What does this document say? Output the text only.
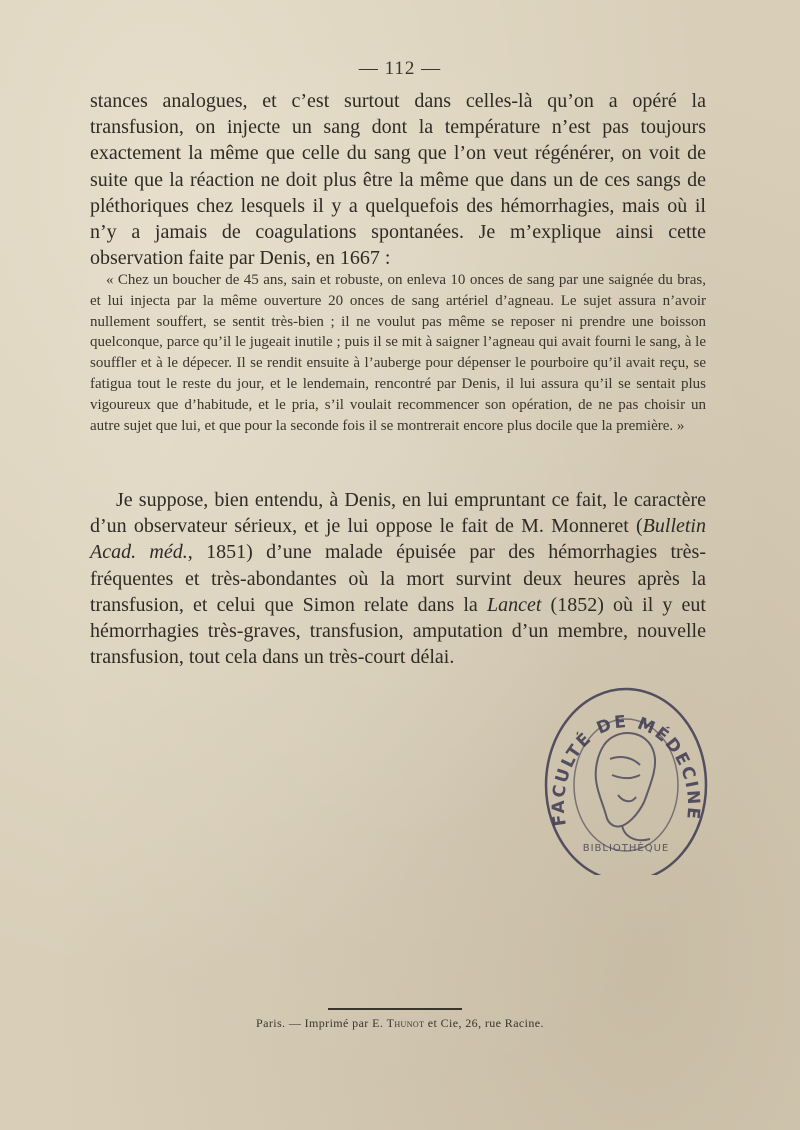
— 112 —

stances analogues, et c’est surtout dans celles-là qu’on a opéré la transfusion, on injecte un sang dont la température n’est pas toujours exactement la même que celle du sang que l’on veut régénérer, on voit de suite que la réaction ne doit plus être la même que dans un de ces sangs de pléthoriques chez lesquels il y a quelquefois des hémorrhagies, mais où il n’y a jamais de coagulations spontanées. Je m’explique ainsi cette observation faite par Denis, en 1667 :

« Chez un boucher de 45 ans, sain et robuste, on enleva 10 onces de sang par une saignée du bras, et lui injecta par la même ouverture 20 onces de sang artériel d’agneau. Le sujet assura n’avoir nullement souffert, se sentit très-bien ; il ne voulut pas même se reposer ni prendre une boisson quelconque, parce qu’il le jugeait inutile ; puis il se mit à saigner l’agneau qui avait fourni le sang, à le souffler et à le dépecer. Il se rendit ensuite à l’auberge pour dépenser le pourboire qu’il avait reçu, se fatigua tout le reste du jour, et le lendemain, rencontré par Denis, il lui assura qu’il se sentait plus vigoureux que d’habitude, et le pria, s’il voulait recommencer son opération, de ne pas choisir un autre sujet que lui, et que pour la seconde fois il se montrerait encore plus docile que la première. »

Je suppose, bien entendu, à Denis, en lui empruntant ce fait, le caractère d’un observateur sérieux, et je lui oppose le fait de M. Monneret (Bulletin Acad. méd., 1851) d’une malade épuisée par des hémorrhagies très-fréquentes et très-abondantes où la mort survint deux heures après la transfusion, et celui que Simon relate dans la Lancet (1852) où il y eut hémorrhagies très-graves, transfusion, amputation d’un membre, nouvelle transfusion, tout cela dans un très-court délai.

FACULTÉ DE MÉDECINE
BIBLIOTHÈQUE
Paris. — Imprimé par E. Thunot et Cie, 26, rue Racine.
